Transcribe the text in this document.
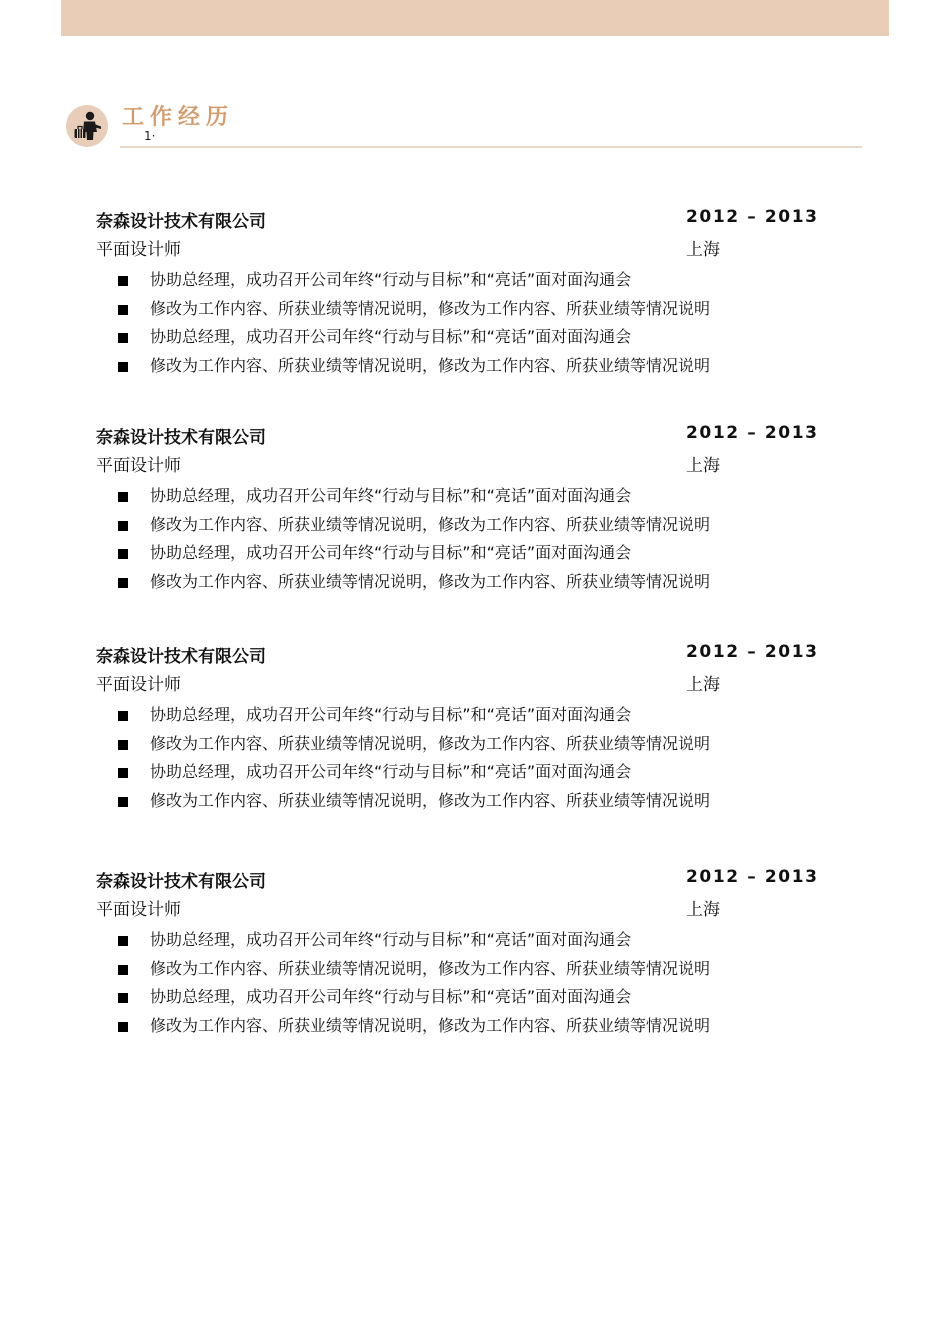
工作经历
1·
奈森设计技术有限公司	2012 – 2013
平面设计师	上海
协助总经理，成功召开公司年终“行动与目标”和“亮话”面对面沟通会
修改为工作内容、所获业绩等情况说明，修改为工作内容、所获业绩等情况说明
协助总经理，成功召开公司年终“行动与目标”和“亮话”面对面沟通会
修改为工作内容、所获业绩等情况说明，修改为工作内容、所获业绩等情况说明
奈森设计技术有限公司	2012 – 2013
平面设计师	上海
协助总经理，成功召开公司年终“行动与目标”和“亮话”面对面沟通会
修改为工作内容、所获业绩等情况说明，修改为工作内容、所获业绩等情况说明
协助总经理，成功召开公司年终“行动与目标”和“亮话”面对面沟通会
修改为工作内容、所获业绩等情况说明，修改为工作内容、所获业绩等情况说明
奈森设计技术有限公司	2012 – 2013
平面设计师	上海
协助总经理，成功召开公司年终“行动与目标”和“亮话”面对面沟通会
修改为工作内容、所获业绩等情况说明，修改为工作内容、所获业绩等情况说明
协助总经理，成功召开公司年终“行动与目标”和“亮话”面对面沟通会
修改为工作内容、所获业绩等情况说明，修改为工作内容、所获业绩等情况说明
奈森设计技术有限公司	2012 – 2013
平面设计师	上海
协助总经理，成功召开公司年终“行动与目标”和“亮话”面对面沟通会
修改为工作内容、所获业绩等情况说明，修改为工作内容、所获业绩等情况说明
协助总经理，成功召开公司年终“行动与目标”和“亮话”面对面沟通会
修改为工作内容、所获业绩等情况说明，修改为工作内容、所获业绩等情况说明
